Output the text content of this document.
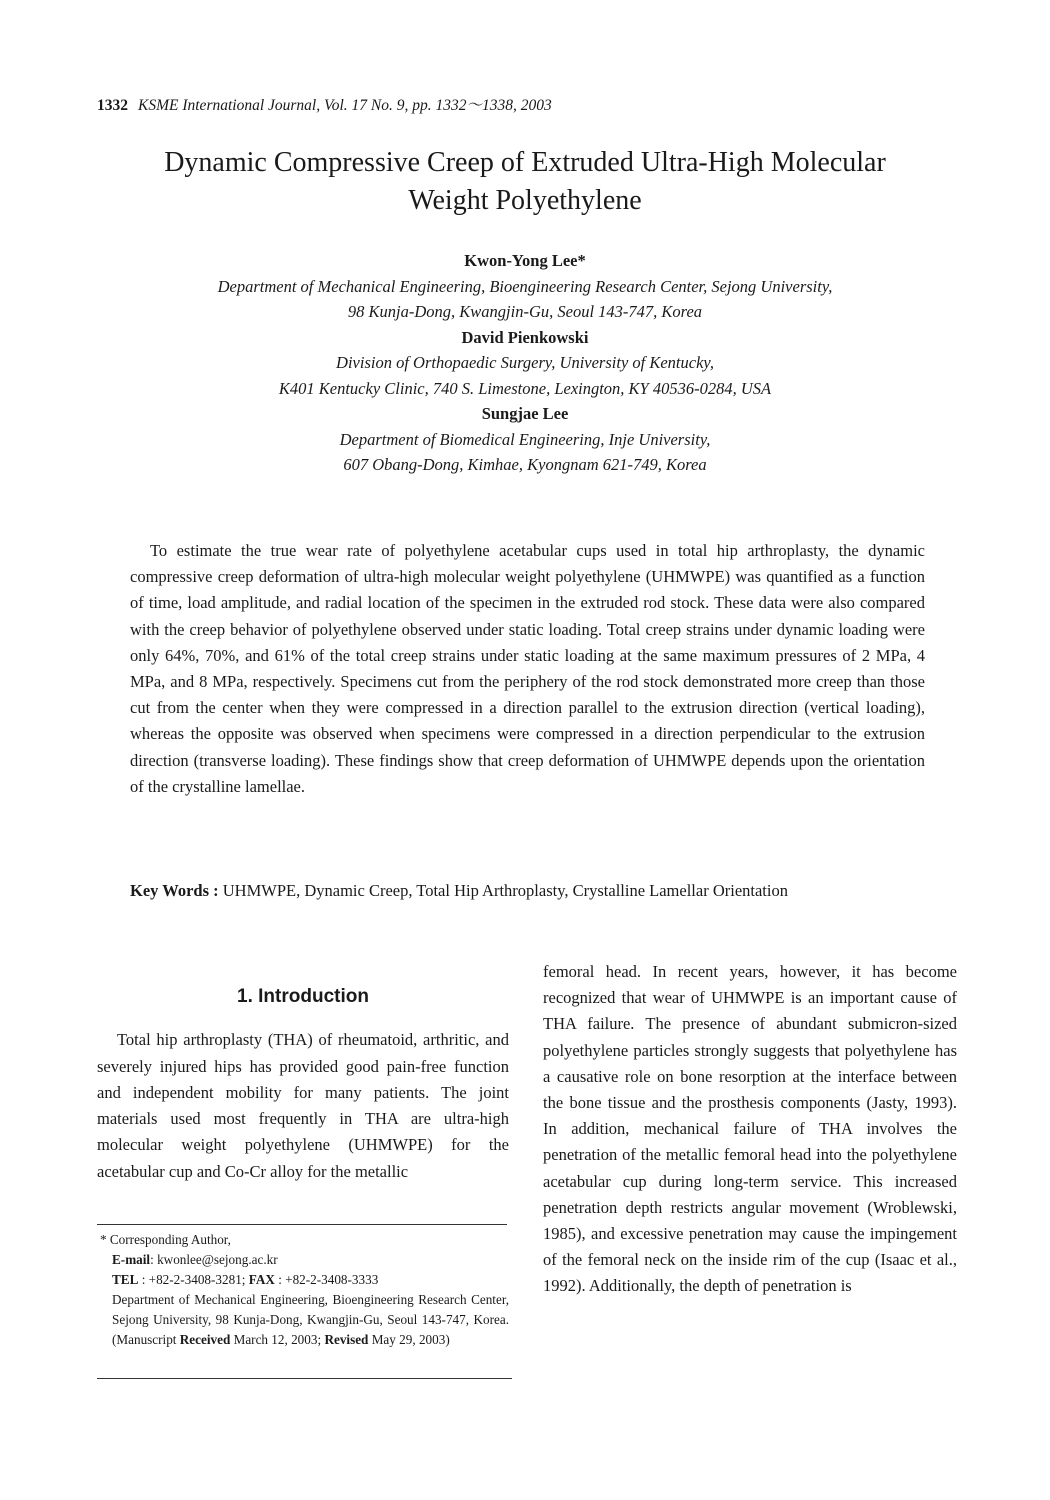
1332 KSME International Journal, Vol. 17 No. 9, pp. 1332～1338, 2003
Dynamic Compressive Creep of Extruded Ultra-High Molecular
Weight Polyethylene
Kwon-Yong Lee*
Department of Mechanical Engineering, Bioengineering Research Center, Sejong University,
98 Kunja-Dong, Kwangjin-Gu, Seoul 143-747, Korea
David Pienkowski
Division of Orthopaedic Surgery, University of Kentucky,
K401 Kentucky Clinic, 740 S. Limestone, Lexington, KY 40536-0284, USA
Sungjae Lee
Department of Biomedical Engineering, Inje University,
607 Obang-Dong, Kimhae, Kyongnam 621-749, Korea

To estimate the true wear rate of polyethylene acetabular cups used in total hip arthroplasty, the dynamic compressive creep deformation of ultra-high molecular weight polyethylene (UHMWPE) was quantified as a function of time, load amplitude, and radial location of the specimen in the extruded rod stock. These data were also compared with the creep behavior of polyethylene observed under static loading. Total creep strains under dynamic loading were only 64%, 70%, and 61% of the total creep strains under static loading at the same maximum pressures of 2 MPa, 4 MPa, and 8 MPa, respectively. Specimens cut from the periphery of the rod stock demonstrated more creep than those cut from the center when they were compressed in a direction parallel to the extrusion direction (vertical loading), whereas the opposite was observed when specimens were compressed in a direction perpendicular to the extrusion direction (transverse loading). These findings show that creep deformation of UHMWPE depends upon the orientation of the crystalline lamellae.

Key Words : UHMWPE, Dynamic Creep, Total Hip Arthroplasty, Crystalline Lamellar Orientation
1. Introduction

Total hip arthroplasty (THA) of rheumatoid, arthritic, and severely injured hips has provided good pain-free function and independent mobility for many patients. The joint materials used most frequently in THA are ultra-high molecular weight polyethylene (UHMWPE) for the acetabular cup and Co-Cr alloy for the metallic

* Corresponding Author,
E-mail: kwonlee@sejong.ac.kr
TEL : +82-2-3408-3281; FAX : +82-2-3408-3333
Department of Mechanical Engineering, Bioengineering Research Center, Sejong University, 98 Kunja-Dong, Kwangjin-Gu, Seoul 143-747, Korea. (Manuscript Received March 12, 2003; Revised May 29, 2003)

femoral head. In recent years, however, it has become recognized that wear of UHMWPE is an important cause of THA failure. The presence of abundant submicron-sized polyethylene particles strongly suggests that polyethylene has a causative role on bone resorption at the interface between the bone tissue and the prosthesis components (Jasty, 1993). In addition, mechanical failure of THA involves the penetration of the metallic femoral head into the polyethylene acetabular cup during long-term service. This increased penetration depth restricts angular movement (Wroblewski, 1985), and excessive penetration may cause the impingement of the femoral neck on the inside rim of the cup (Isaac et al., 1992). Additionally, the depth of penetration is
